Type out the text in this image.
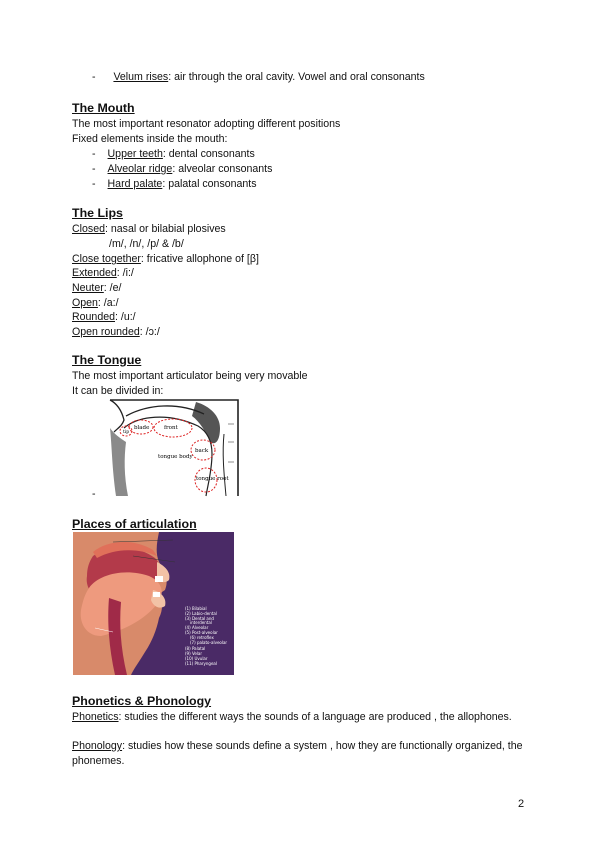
- Velum rises: air through the oral cavity. Vowel and oral consonants
The Mouth
The most important resonator adopting different positions
Fixed elements inside the mouth:
- Upper teeth: dental consonants
- Alveolar ridge: alveolar consonants
- Hard palate: palatal consonants
The Lips
Closed: nasal or bilabial plosives
/m/, /n/, /p/ & /b/
Close together: fricative allophone of [β]
Extended: /i:/
Neuter: /e/
Open: /a:/
Rounded: /u:/
Open rounded: /ɔ:/
The Tongue
The most important articulator being very movable
It can be divided in:
-
tip
blade	front
back
tongue body
tongue root
Places of articulation
(1) Bilabial
(2) Labio-dental
(3) Dental and
interdental
(4) Alveolar
(5) Post-alveolar
(6) retroflex
(7) palato-alveolar
(8) Palatal
(9) Velar
(10) Uvular
(11) Pharyngeal
Phonetics & Phonology
Phonetics: studies the different ways the sounds of a language are produced , the allophones.
Phonology: studies how these sounds define a system , how they are functionally organized, the phonemes.
2
